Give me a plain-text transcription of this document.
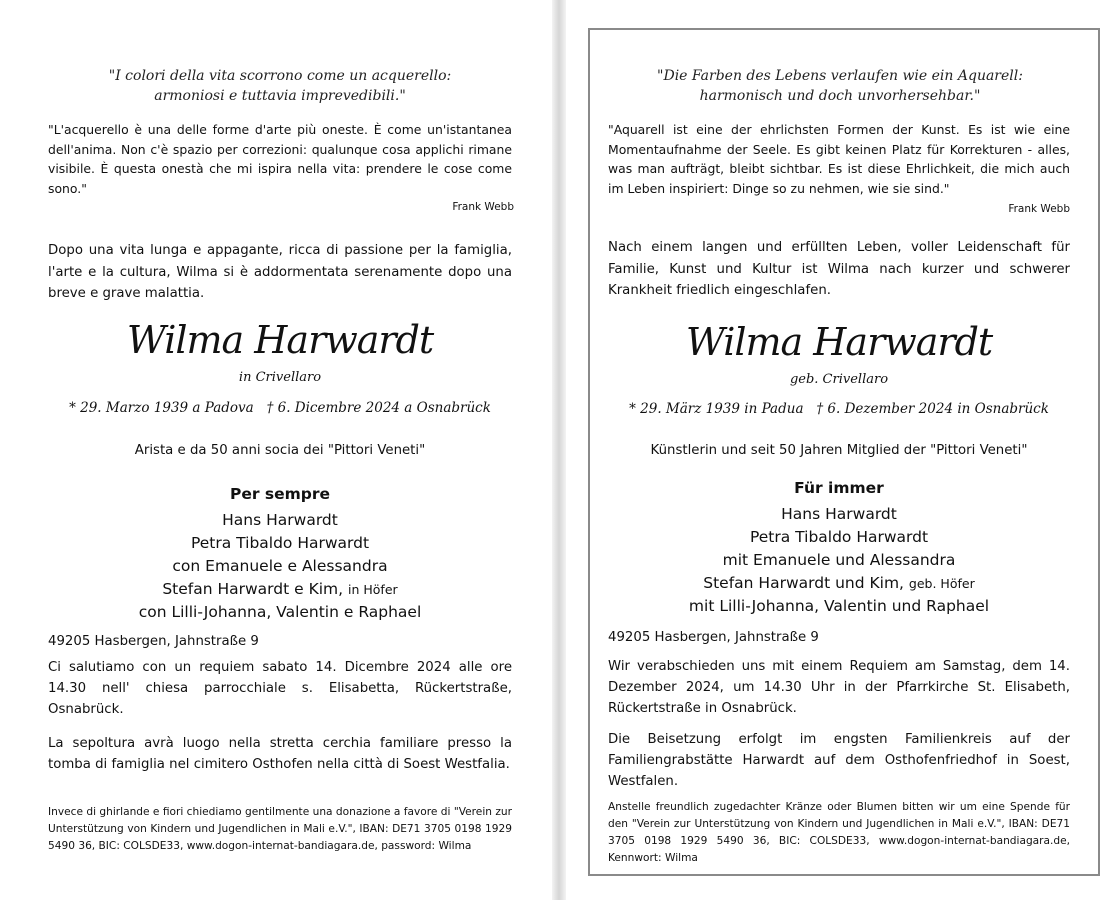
"I colori della vita scorrono come un acquerello:
armoniosi e tuttavia imprevedibili."
"L'acquerello è una delle forme d'arte più oneste. È come un'istantanea dell'anima. Non c'è spazio per correzioni: qualunque cosa applichi rimane visibile. È questa onestà che mi ispira nella vita: prendere le cose come sono."
Frank Webb
Dopo una vita lunga e appagante, ricca di passione per la famiglia, l'arte e la cultura, Wilma si è addormentata serenamente dopo una breve e grave malattia.
Wilma Harwardt
in Crivellaro
* 29. Marzo 1939 a Padova † 6. Dicembre 2024 a Osnabrück
Arista e da 50 anni socia dei "Pittori Veneti"
Per sempre
Hans Harwardt
Petra Tibaldo Harwardt
con Emanuele e Alessandra
Stefan Harwardt e Kim, in Höfer
con Lilli-Johanna, Valentin e Raphael
49205 Hasbergen, Jahnstraße 9
Ci salutiamo con un requiem sabato 14. Dicembre 2024 alle ore 14.30 nell' chiesa parrocchiale s. Elisabetta, Rückertstraße, Osnabrück.
La sepoltura avrà luogo nella stretta cerchia familiare presso la tomba di famiglia nel cimitero Osthofen nella città di Soest Westfalia.
Invece di ghirlande e fiori chiediamo gentilmente una donazione a favore di "Verein zur Unterstützung von Kindern und Jugendlichen in Mali e.V.", IBAN: DE71 3705 0198 1929 5490 36, BIC: COLSDE33, www.dogon-internat-bandiagara.de, password: Wilma
"Die Farben des Lebens verlaufen wie ein Aquarell:
harmonisch und doch unvorhersehbar."
"Aquarell ist eine der ehrlichsten Formen der Kunst. Es ist wie eine Momentaufnahme der Seele. Es gibt keinen Platz für Korrekturen - alles, was man aufträgt, bleibt sichtbar. Es ist diese Ehrlichkeit, die mich auch im Leben inspiriert: Dinge so zu nehmen, wie sie sind."
Frank Webb
Nach einem langen und erfüllten Leben, voller Leidenschaft für Familie, Kunst und Kultur ist Wilma nach kurzer und schwerer Krankheit friedlich eingeschlafen.
Wilma Harwardt
geb. Crivellaro
* 29. März 1939 in Padua † 6. Dezember 2024 in Osnabrück
Künstlerin und seit 50 Jahren Mitglied der "Pittori Veneti"
Für immer
Hans Harwardt
Petra Tibaldo Harwardt
mit Emanuele und Alessandra
Stefan Harwardt und Kim, geb. Höfer
mit Lilli-Johanna, Valentin und Raphael
49205 Hasbergen, Jahnstraße 9
Wir verabschieden uns mit einem Requiem am Samstag, dem 14. Dezember 2024, um 14.30 Uhr in der Pfarrkirche St. Elisabeth, Rückertstraße in Osnabrück.
Die Beisetzung erfolgt im engsten Familienkreis auf der Familiengrabstätte Harwardt auf dem Osthofenfriedhof in Soest, Westfalen.
Anstelle freundlich zugedachter Kränze oder Blumen bitten wir um eine Spende für den "Verein zur Unterstützung von Kindern und Jugendlichen in Mali e.V.", IBAN: DE71 3705 0198 1929 5490 36, BIC: COLSDE33, www.dogon-internat-bandiagara.de, Kennwort: Wilma
